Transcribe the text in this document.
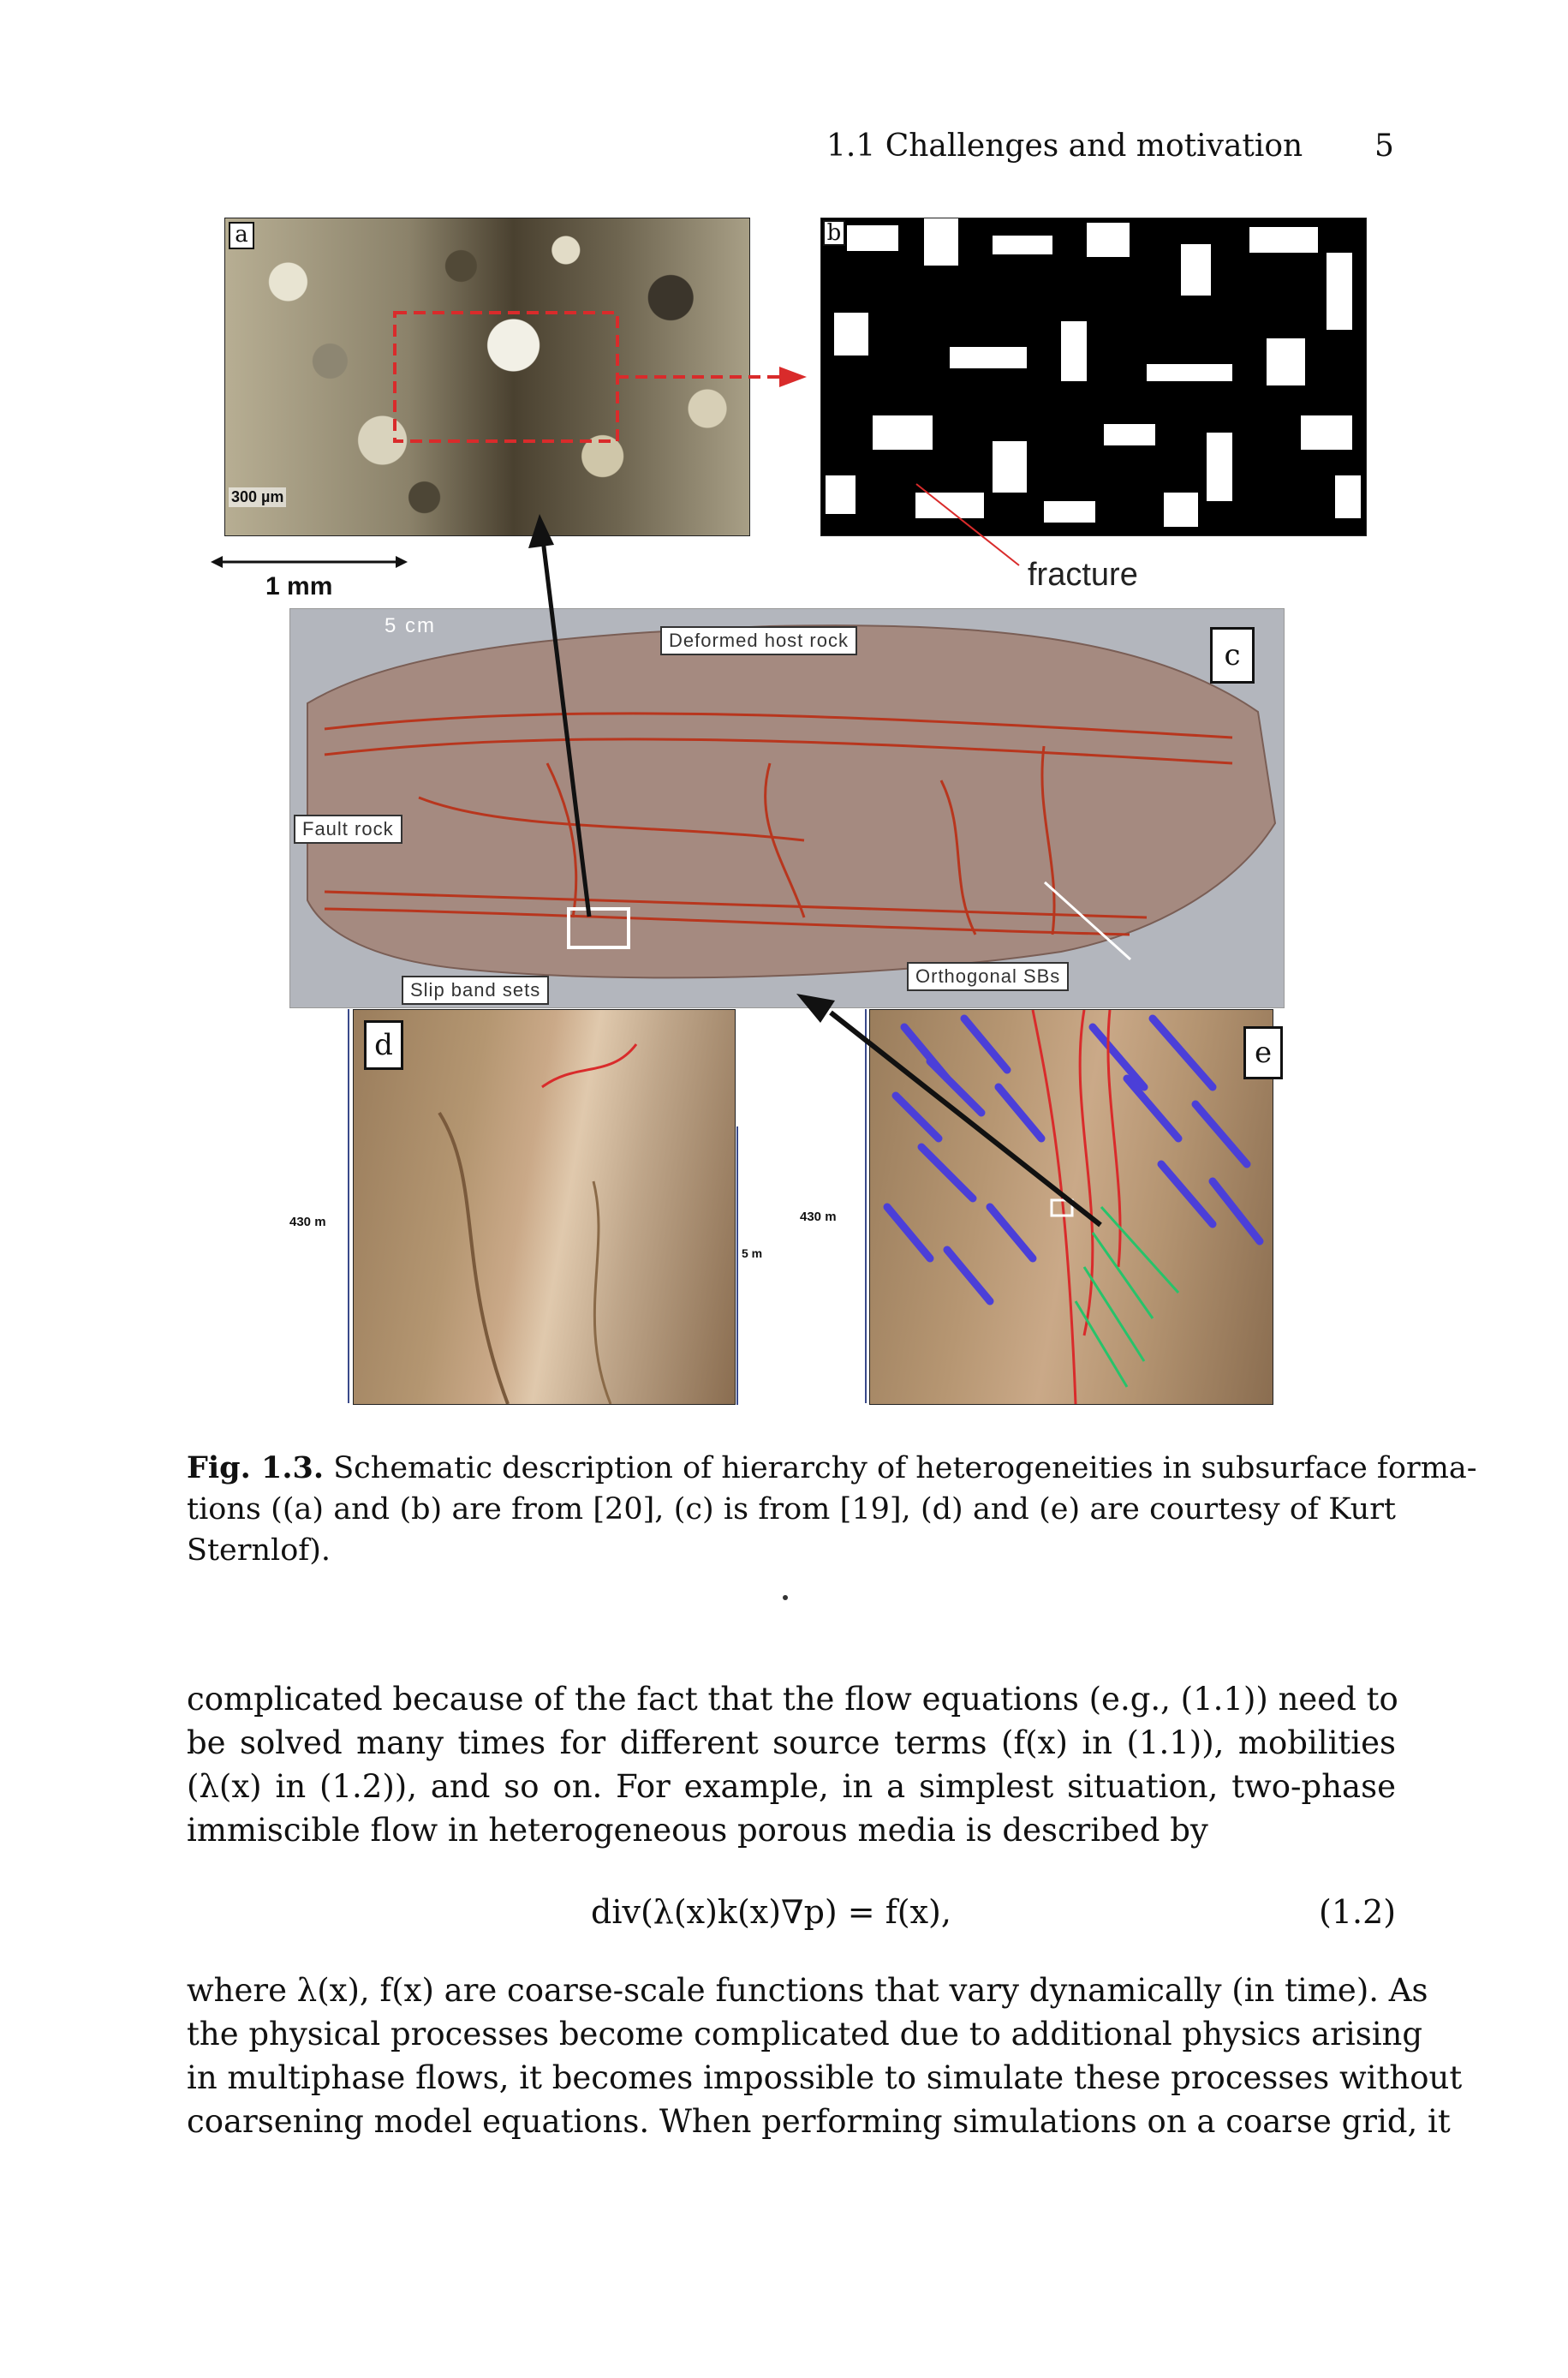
1.1 Challenges and motivation 5
a
300 µm
1 mm
b
fracture
5 cm
Deformed host rock
Fault rock
Slip band sets
Orthogonal SBs
c
d
430 m
5 m
e
430 m
Fig. 1.3. Schematic description of hierarchy of heterogeneities in subsurface forma-
tions ((a) and (b) are from [20], (c) is from [19], (d) and (e) are courtesy of Kurt
Sternlof).
complicated because of the fact that the flow equations (e.g., (1.1)) need to
be solved many times for different source terms (f(x) in (1.1)), mobilities
(λ(x) in (1.2)), and so on. For example, in a simplest situation, two-phase
immiscible flow in heterogeneous porous media is described by
div(λ(x)k(x)∇p) = f(x),	(1.2)
where λ(x), f(x) are coarse-scale functions that vary dynamically (in time). As
the physical processes become complicated due to additional physics arising
in multiphase flows, it becomes impossible to simulate these processes without
coarsening model equations. When performing simulations on a coarse grid, it
